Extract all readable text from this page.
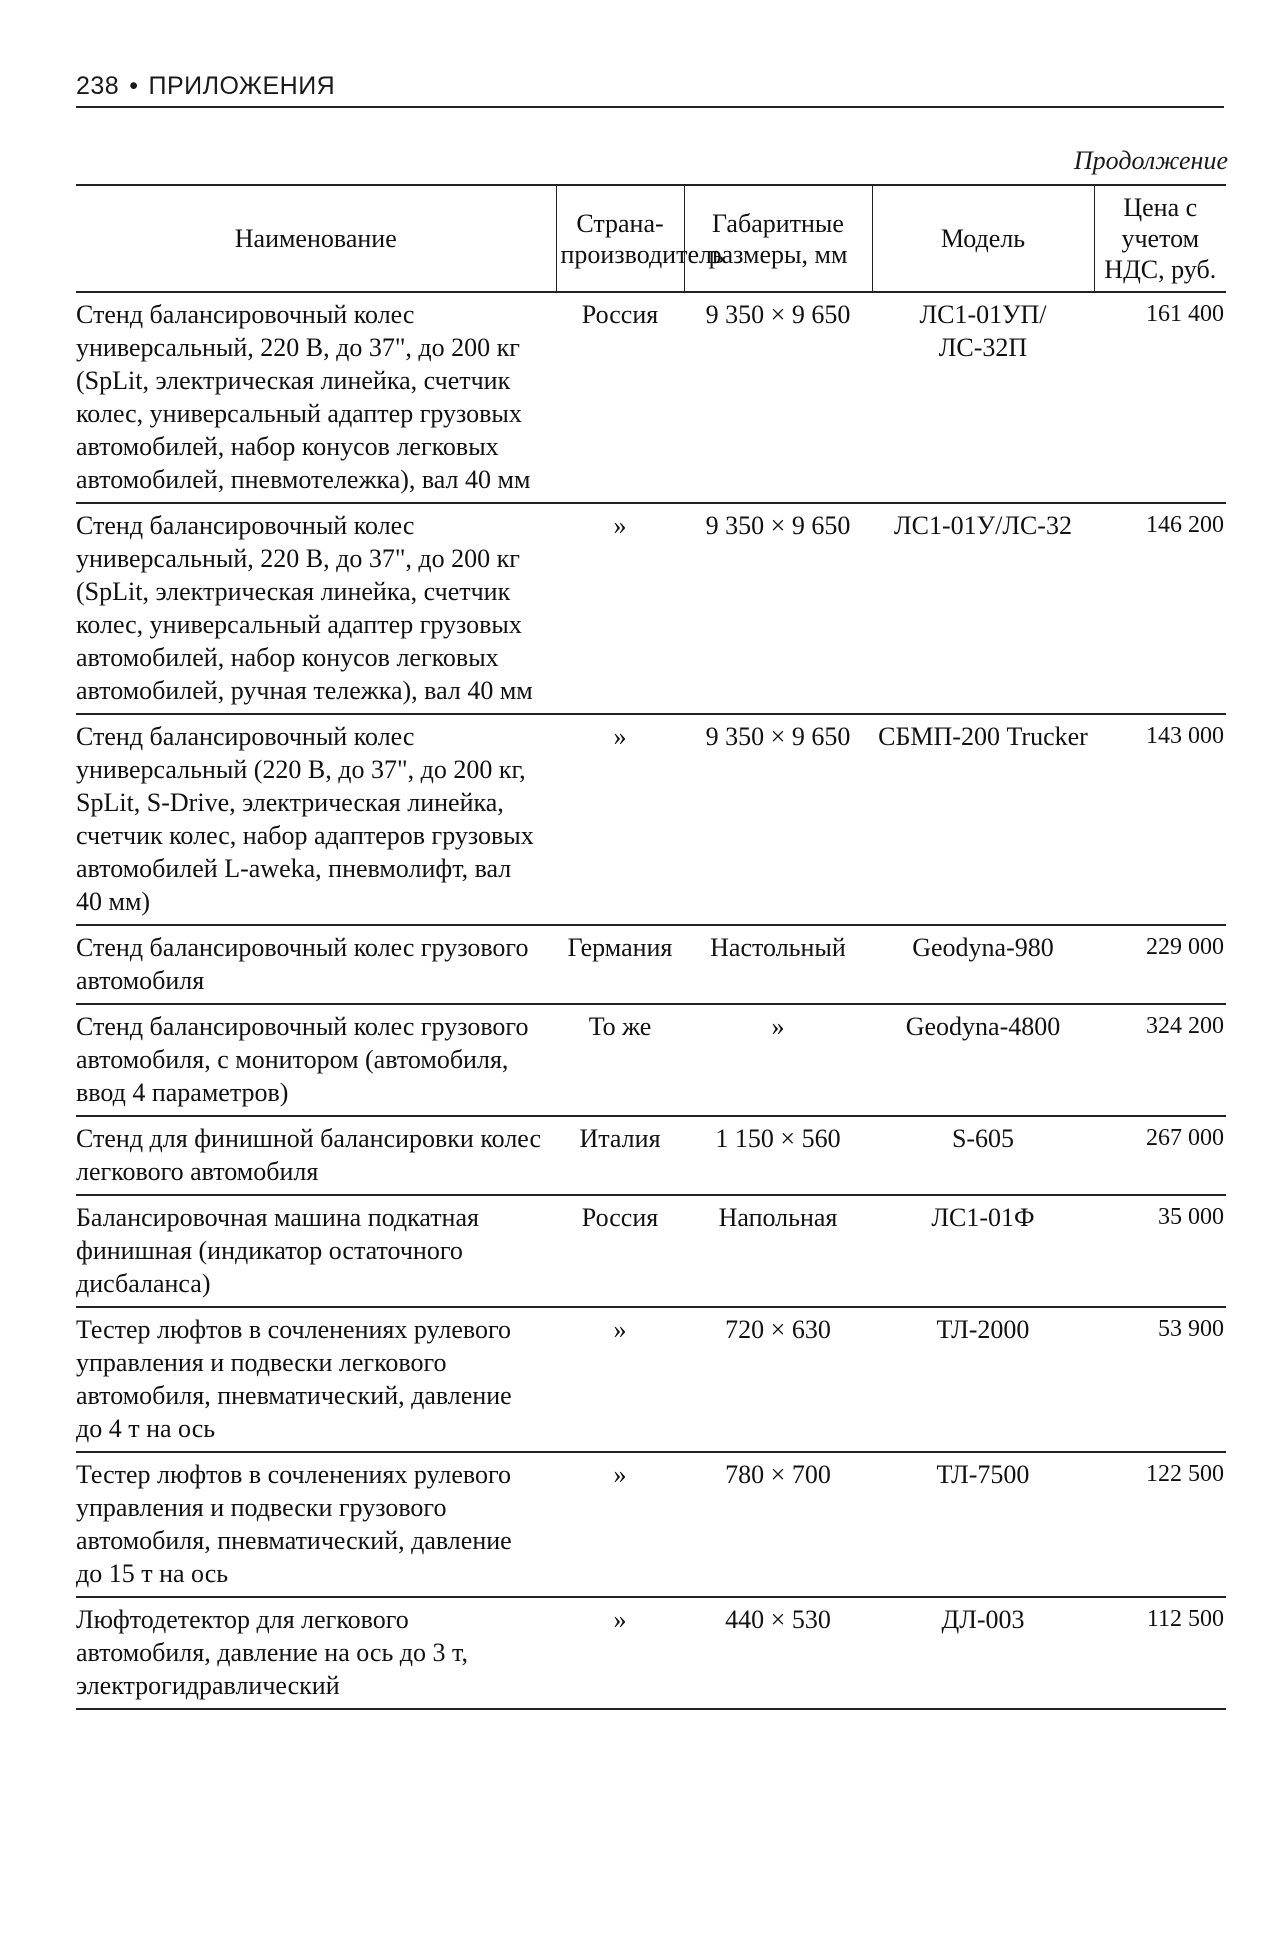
238 • ПРИЛОЖЕНИЯ
Продолжение
Наименование	Страна-производитель	Габаритные размеры, мм	Модель	Цена с учетом НДС, руб.
Стенд балансировочный колес универсальный, 220 В, до 37", до 200 кг (SpLit, электрическая линейка, счетчик колес, универсальный адаптер грузовых автомобилей, набор конусов легковых автомобилей, пневмотележка), вал 40 мм	Россия	9 350 × 9 650	ЛС1-01УП/ЛС-32П	161 400
Стенд балансировочный колес универсальный, 220 В, до 37", до 200 кг (SpLit, электрическая линейка, счетчик колес, универсальный адаптер грузовых автомобилей, набор конусов легковых автомобилей, ручная тележка), вал 40 мм	»	9 350 × 9 650	ЛС1-01У/ЛС-32	146 200
Стенд балансировочный колес универсальный (220 В, до 37", до 200 кг, SpLit, S-Drive, электрическая линейка, счетчик колес, набор адаптеров грузовых автомобилей L-aweka, пневмолифт, вал 40 мм)	»	9 350 × 9 650	СБМП-200 Trucker	143 000
Стенд балансировочный колес грузового автомобиля	Германия	Настольный	Geodyna-980	229 000
Стенд балансировочный колес грузового автомобиля, с монитором (автомобиля, ввод 4 параметров)	То же	»	Geodyna-4800	324 200
Стенд для финишной балансировки колес легкового автомобиля	Италия	1 150 × 560	S-605	267 000
Балансировочная машина подкатная финишная (индикатор остаточного дисбаланса)	Россия	Напольная	ЛС1-01Ф	35 000
Тестер люфтов в сочленениях рулевого управления и подвески легкового автомобиля, пневматический, давление до 4 т на ось	»	720 × 630	ТЛ-2000	53 900
Тестер люфтов в сочленениях рулевого управления и подвески грузового автомобиля, пневматический, давление до 15 т на ось	»	780 × 700	ТЛ-7500	122 500
Люфтодетектор для легкового автомобиля, давление на ось до 3 т, электрогидравлический	»	440 × 530	ДЛ-003	112 500
